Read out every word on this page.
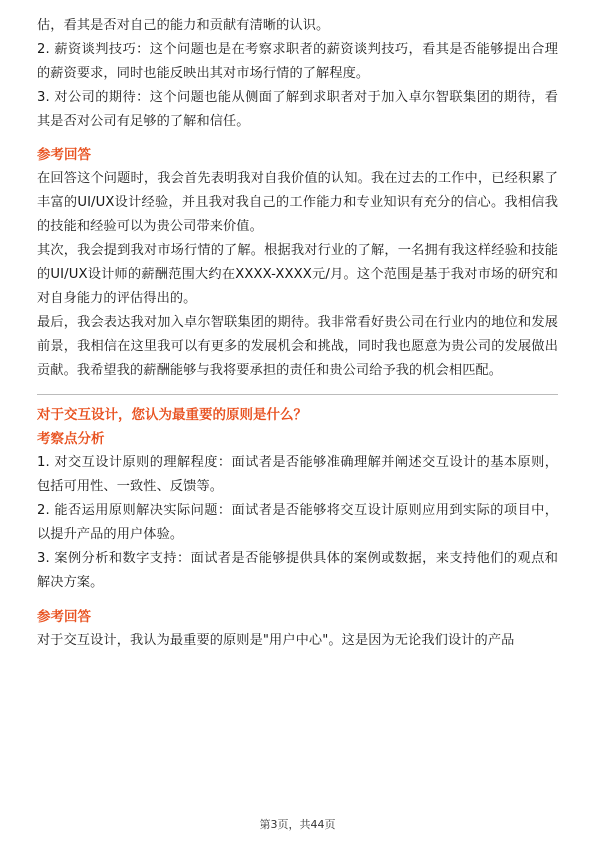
估，看其是否对自己的能力和贡献有清晰的认识。

2. 薪资谈判技巧：这个问题也是在考察求职者的薪资谈判技巧，看其是否能够提出合理的薪资要求，同时也能反映出其对市场行情的了解程度。

3. 对公司的期待：这个问题也能从侧面了解到求职者对于加入卓尔智联集团的期待，看其是否对公司有足够的了解和信任。

参考回答

在回答这个问题时，我会首先表明我对自我价值的认知。我在过去的工作中，已经积累了丰富的UI/UX设计经验，并且我对我自己的工作能力和专业知识有充分的信心。我相信我的技能和经验可以为贵公司带来价值。

其次，我会提到我对市场行情的了解。根据我对行业的了解，一名拥有我这样经验和技能的UI/UX设计师的薪酬范围大约在XXXX-XXXX元/月。这个范围是基于我对市场的研究和对自身能力的评估得出的。

最后，我会表达我对加入卓尔智联集团的期待。我非常看好贵公司在行业内的地位和发展前景，我相信在这里我可以有更多的发展机会和挑战，同时我也愿意为贵公司的发展做出贡献。我希望我的薪酬能够与我将要承担的责任和贵公司给予我的机会相匹配。

对于交互设计，您认为最重要的原则是什么？
考察点分析

1. 对交互设计原则的理解程度：面试者是否能够准确理解并阐述交互设计的基本原则，包括可用性、一致性、反馈等。

2. 能否运用原则解决实际问题：面试者是否能够将交互设计原则应用到实际的项目中，以提升产品的用户体验。

3. 案例分析和数字支持：面试者是否能够提供具体的案例或数据，来支持他们的观点和解决方案。

参考回答

对于交互设计，我认为最重要的原则是"用户中心"。这是因为无论我们设计的产品

第3页，共44页
